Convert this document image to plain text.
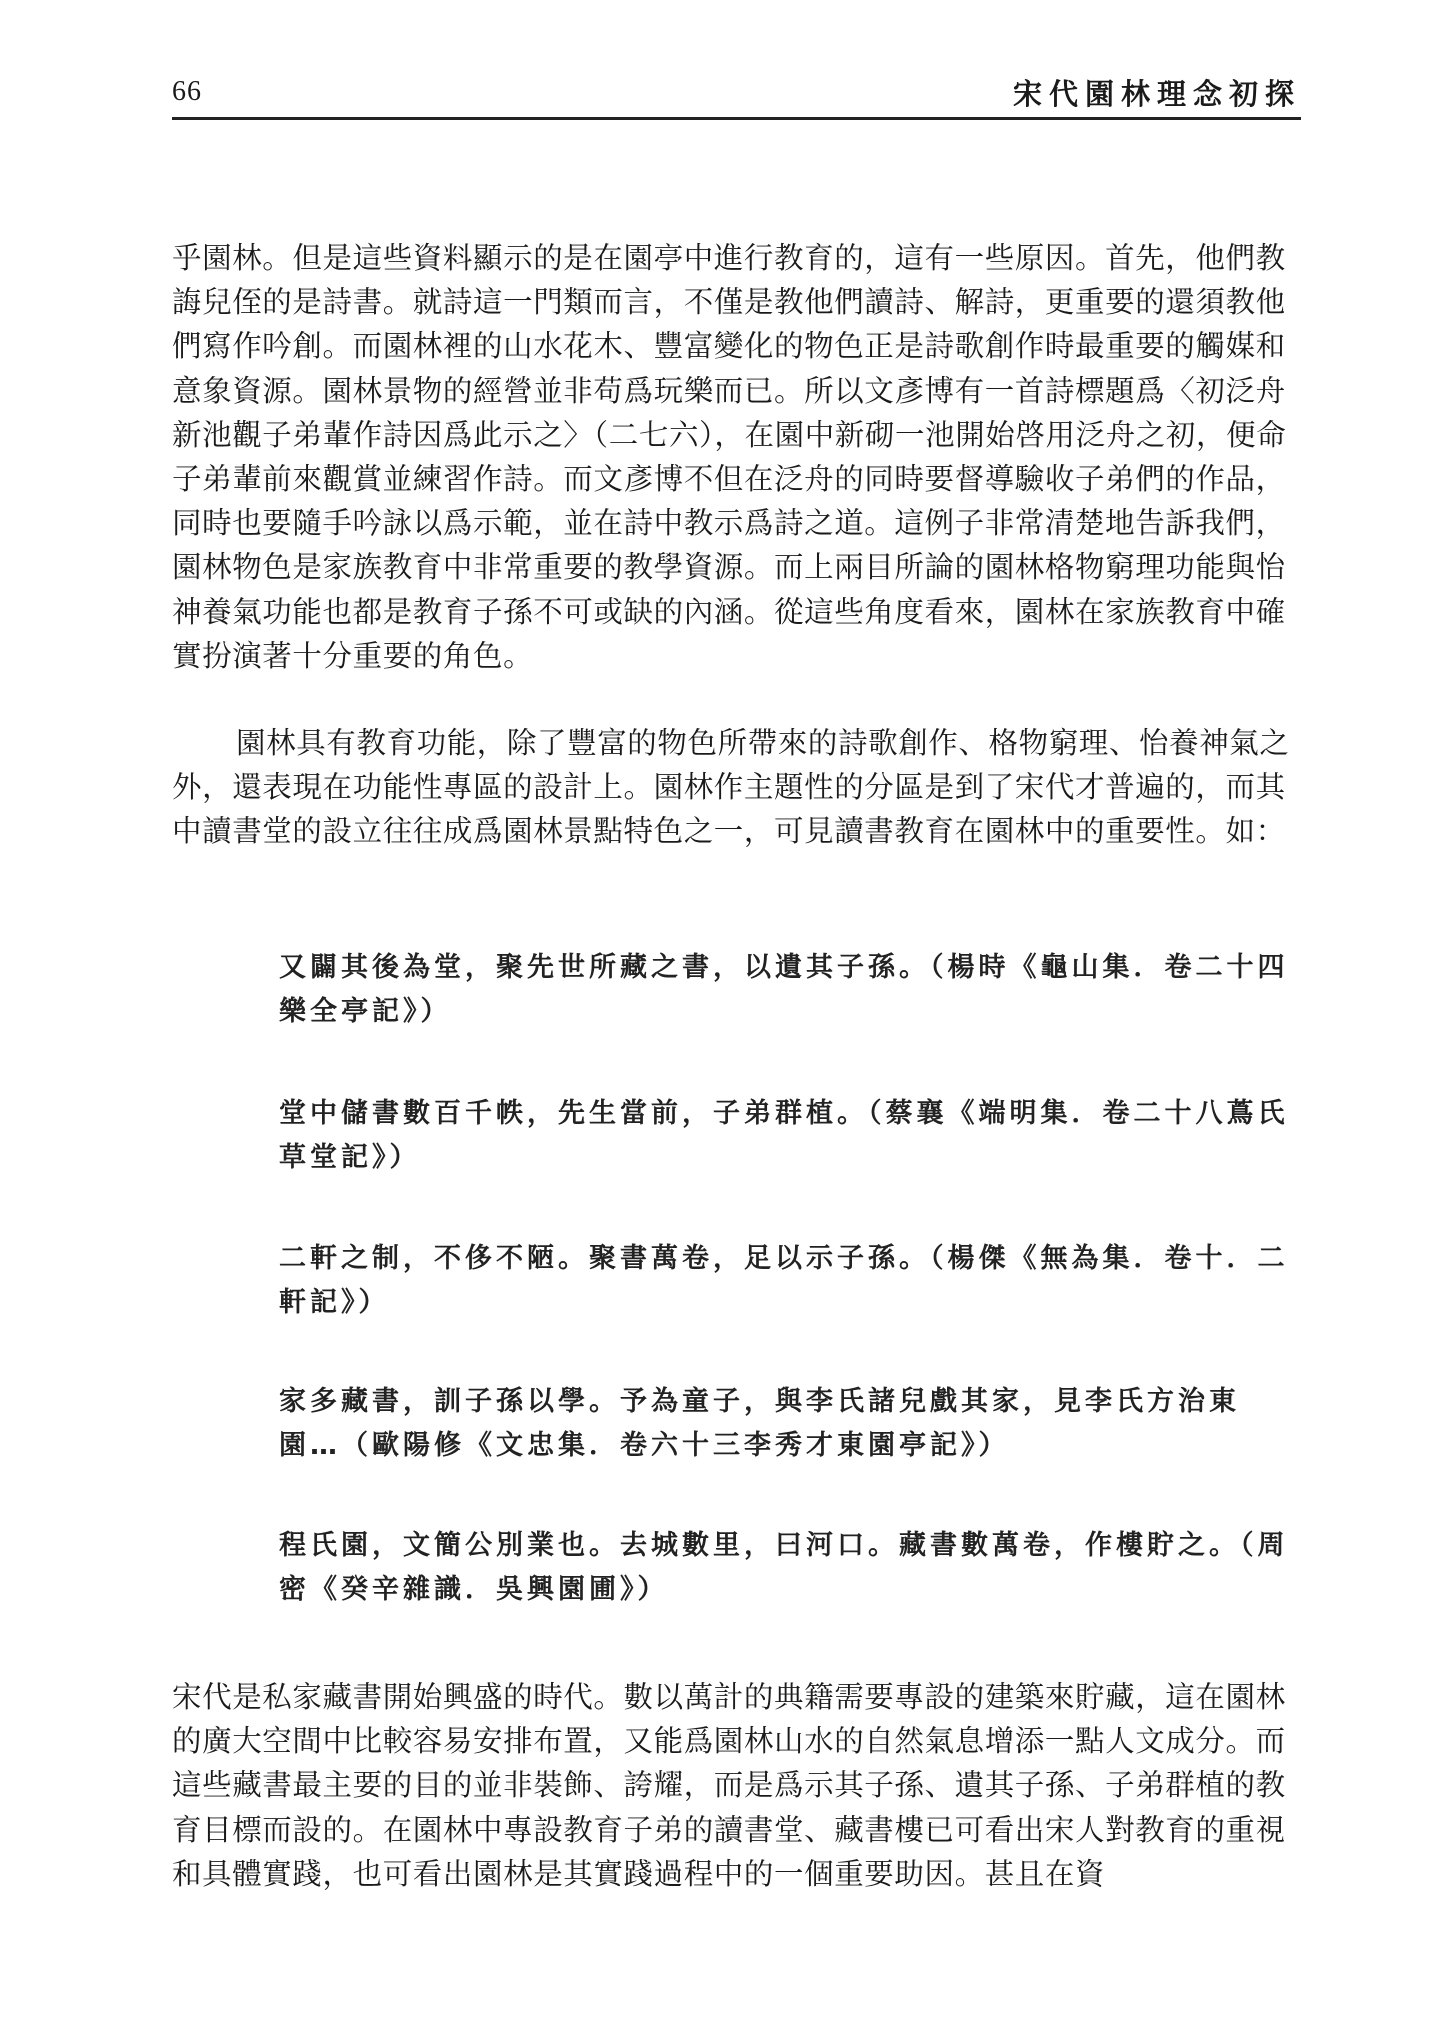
66	宋代園林理念初探

乎園林。但是這些資料顯示的是在園亭中進行教育的，這有一些原因。首先，他們教誨兒侄的是詩書。就詩這一門類而言，不僅是教他們讀詩、解詩，更重要的還須教他們寫作吟創。而園林裡的山水花木、豐富變化的物色正是詩歌創作時最重要的觸媒和意象資源。園林景物的經營並非苟爲玩樂而已。所以文彥博有一首詩標題爲〈初泛舟新池觀子弟輩作詩因爲此示之〉（二七六），在園中新砌一池開始啓用泛舟之初，便命子弟輩前來觀賞並練習作詩。而文彥博不但在泛舟的同時要督導驗收子弟們的作品，同時也要隨手吟詠以爲示範，並在詩中教示爲詩之道。這例子非常清楚地告訴我們，園林物色是家族教育中非常重要的教學資源。而上兩目所論的園林格物窮理功能與怡神養氣功能也都是教育子孫不可或缺的內涵。從這些角度看來，園林在家族教育中確實扮演著十分重要的角色。

園林具有教育功能，除了豐富的物色所帶來的詩歌創作、格物窮理、怡養神氣之外，還表現在功能性專區的設計上。園林作主題性的分區是到了宋代才普遍的，而其中讀書堂的設立往往成爲園林景點特色之一，可見讀書教育在園林中的重要性。如：

又闢其後為堂，聚先世所藏之書，以遺其子孫。（楊時《龜山集．卷二十四樂全亭記》）

堂中儲書數百千帙，先生當前，子弟群植。（蔡襄《端明集．卷二十八蔦氏草堂記》）

二軒之制，不侈不陋。聚書萬卷，足以示子孫。（楊傑《無為集．卷十．二軒記》）

家多藏書，訓子孫以學。予為童子，與李氏諸兒戲其家，見李氏方治東園…（歐陽修《文忠集．卷六十三李秀才東園亭記》）

程氏園，文簡公別業也。去城數里，曰河口。藏書數萬卷，作樓貯之。（周密《癸辛雜識．吳興園圃》）

宋代是私家藏書開始興盛的時代。數以萬計的典籍需要專設的建築來貯藏，這在園林的廣大空間中比較容易安排布置，又能爲園林山水的自然氣息增添一點人文成分。而這些藏書最主要的目的並非裝飾、誇耀，而是爲示其子孫、遺其子孫、子弟群植的教育目標而設的。在園林中專設教育子弟的讀書堂、藏書樓已可看出宋人對教育的重視和具體實踐，也可看出園林是其實踐過程中的一個重要助因。甚且在資
